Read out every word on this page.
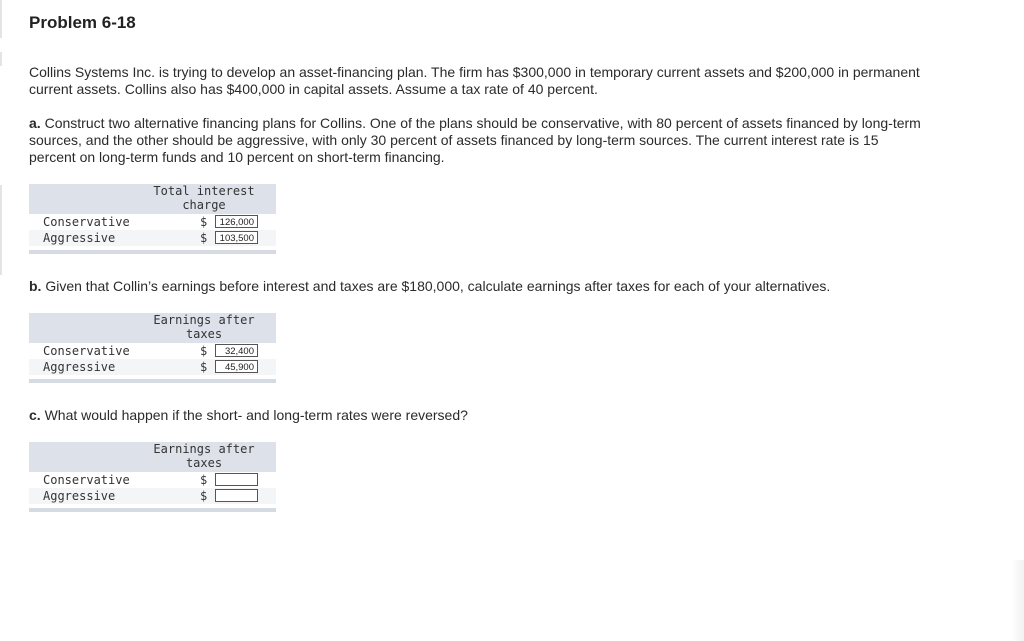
Problem 6-18
Collins Systems Inc. is trying to develop an asset-financing plan. The firm has $300,000 in temporary current assets and $200,000 in permanent current assets. Collins also has $400,000 in capital assets. Assume a tax rate of 40 percent.
a. Construct two alternative financing plans for Collins. One of the plans should be conservative, with 80 percent of assets financed by long-term sources, and the other should be aggressive, with only 30 percent of assets financed by long-term sources. The current interest rate is 15 percent on long-term funds and 10 percent on short-term financing.
Total interest
charge
Conservative	$	126,000
Aggressive	$	103,500
b. Given that Collin’s earnings before interest and taxes are $180,000, calculate earnings after taxes for each of your alternatives.
Earnings after
taxes
Conservative	$	32,400
Aggressive	$	45,900
c. What would happen if the short- and long-term rates were reversed?
Earnings after
taxes
Conservative	$
Aggressive	$
